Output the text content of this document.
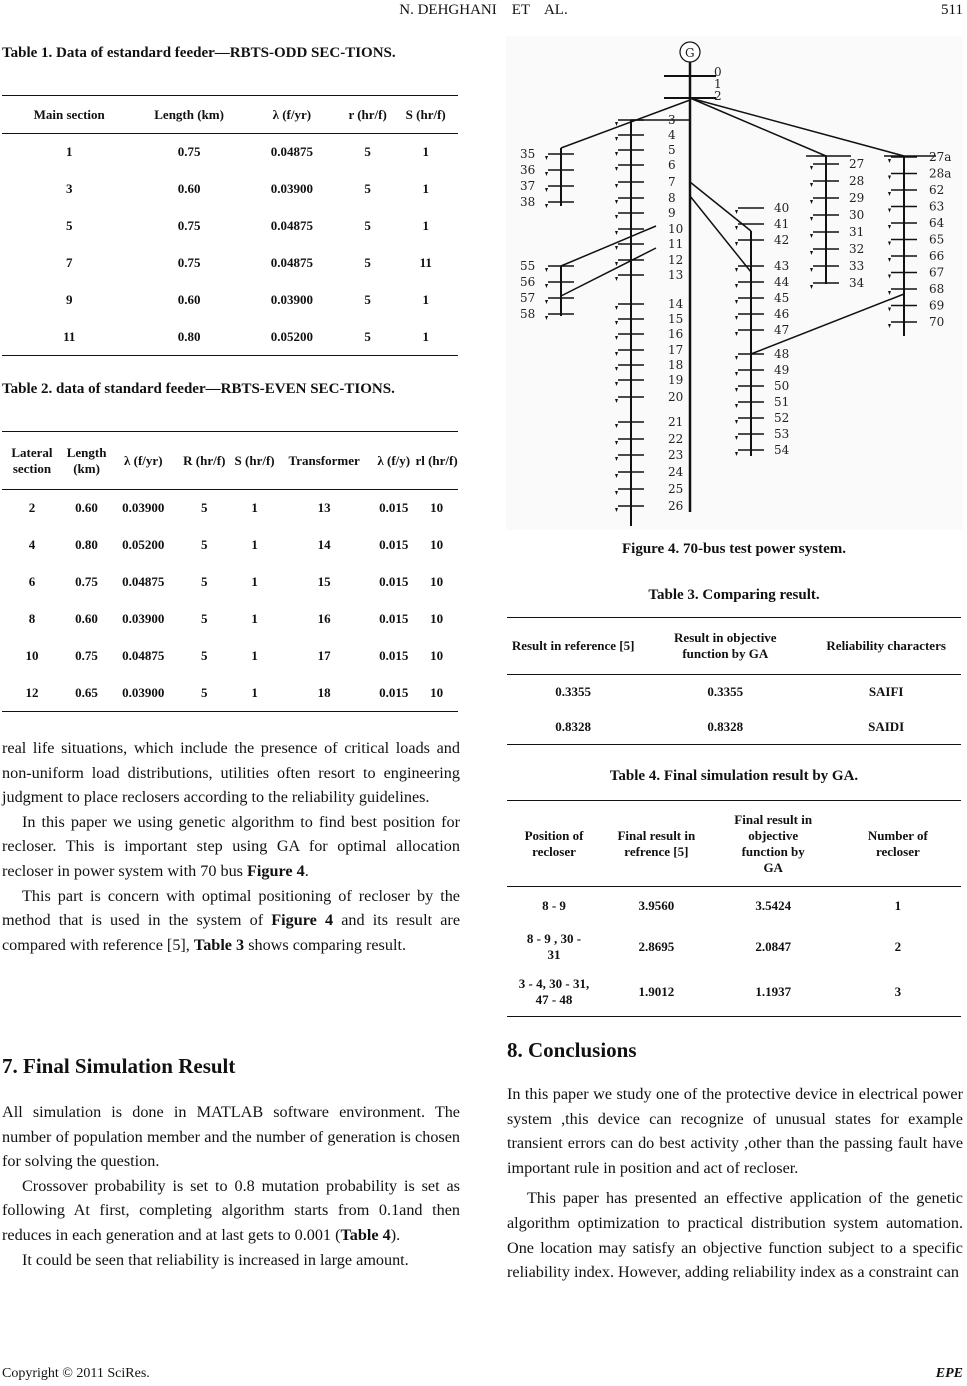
N. DEHGHANI    ET    AL.	511
Table 1. Data of estandard feeder—RBTS-ODD SEC-TIONS.
Main section	Length (km)	λ (f/yr)	r (hr/f)	S (hr/f)
1	0.75	0.04875	5	1
3	0.60	0.03900	5	1
5	0.75	0.04875	5	1
7	0.75	0.04875	5	11
9	0.60	0.03900	5	1
11	0.80	0.05200	5	1
Table 2. data of standard feeder—RBTS-EVEN SEC-TIONS.
Lateral section	Length (km)	λ (f/yr)	R (hr/f)	S (hr/f)	Transformer	λ (f/y)	rl (hr/f)
2	0.60	0.03900	5	1	13	0.015	10
4	0.80	0.05200	5	1	14	0.015	10
6	0.75	0.04875	5	1	15	0.015	10
8	0.60	0.03900	5	1	16	0.015	10
10	0.75	0.04875	5	1	17	0.015	10
12	0.65	0.03900	5	1	18	0.015	10

real life situations, which include the presence of critical loads and non-uniform load distributions, utilities often resort to engineering judgment to place reclosers according to the reliability guidelines.

In this paper we using genetic algorithm to find best position for recloser. This is important step using GA for optimal allocation recloser in power system with 70 bus Figure 4.

This part is concern with optimal positioning of recloser by the method that is used in the system of Figure 4 and its result are compared with reference [5], Table 3 shows comparing result.

7. Final Simulation Result

All simulation is done in MATLAB software environment. The number of population member and the number of generation is chosen for solving the question.

Crossover probability is set to 0.8 mutation probability is set as following At first, completing algorithm starts from 0.1and then reduces in each generation and at last gets to 0.001 (Table 4).

It could be seen that reliability is increased in large amount.

G
0
1
2
3
4
5
6
7
8
9
10
11
12
13
14
15
16
17
18
19
20
21
22
23
24
25
26
35
36
37
38
55
56
57
58
40
41
42
43
44
45
46
47
48
49
50
51
52
53
54
27
28
29
30
31
32
33
34
27a
28a
62
63
64
65
66
67
68
69
70
Figure 4. 70-bus test power system.
Table 3. Comparing result.
Result in reference [5]	Result in objective function by GA	Reliability characters
0.3355	0.3355	SAIFI
0.8328	0.8328	SAIDI
Table 4. Final simulation result by GA.
Position of recloser	Final result in refrence [5]	Final result in objective function by GA	Number of recloser
8 - 9	3.9560	3.5424	1
8 - 9 , 30 - 31	2.8695	2.0847	2
3 - 4, 30 - 31, 47 - 48	1.9012	1.1937	3
8. Conclusions

In this paper we study one of the protective device in electrical power system ,this device can recognize of unusual states for example transient errors can do best activity ,other than the passing fault have important rule in position and act of recloser.

This paper has presented an effective application of the genetic algorithm optimization to practical distribution system automation. One location may satisfy an objective function subject to a specific reliability index. However, adding reliability index as a constraint can

Copyright © 2011 SciRes.	EPE
